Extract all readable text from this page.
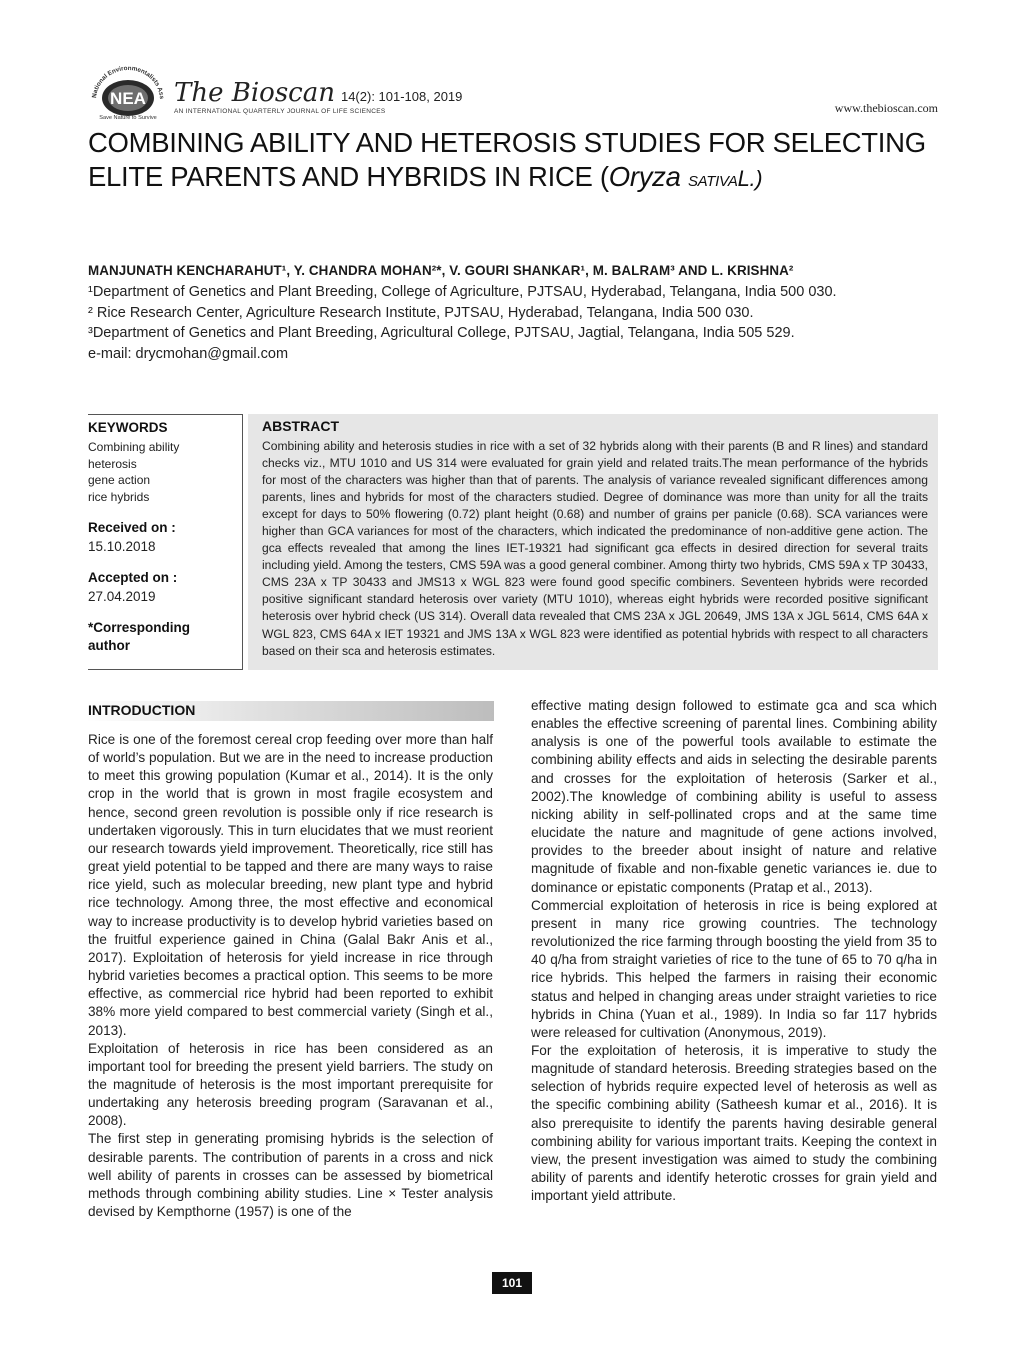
NEA
National Environmentalists Ass
Save Nature to Survive
The Bioscan 14(2): 101-108, 2019
AN INTERNATIONAL QUARTERLY JOURNAL OF LIFE SCIENCES	www.thebioscan.com
COMBINING ABILITY AND HETEROSIS STUDIES FOR SELECTING
ELITE PARENTS AND HYBRIDS IN RICE (Oryza sativaL.)
MANJUNATH KENCHARAHUT¹, Y. CHANDRA MOHAN²*, V. GOURI SHANKAR¹, M. BALRAM³ AND L. KRISHNA²
¹Department of Genetics and Plant Breeding, College of Agriculture, PJTSAU, Hyderabad, Telangana, India 500 030.
² Rice Research Center, Agriculture Research Institute, PJTSAU, Hyderabad, Telangana, India 500 030.
³Department of Genetics and Plant Breeding, Agricultural College, PJTSAU, Jagtial, Telangana, India 505 529.
e-mail: drycmohan@gmail.com
KEYWORDS
Combining ability
heterosis
gene action
rice hybrids
Received on :
15.10.2018
Accepted on :
27.04.2019
*Corresponding
author
ABSTRACT
Combining ability and heterosis studies in rice with a set of 32 hybrids along with their parents (B and R lines) and standard checks viz., MTU 1010 and US 314 were evaluated for grain yield and related traits.The mean performance of the hybrids for most of the characters was higher than that of parents. The analysis of variance revealed significant differences among parents, lines and hybrids for most of the characters studied. Degree of dominance was more than unity for all the traits except for days to 50% flowering (0.72) plant height (0.68) and number of grains per panicle (0.68). SCA variances were higher than GCA variances for most of the characters, which indicated the predominance of non-additive gene action. The gca effects revealed that among the lines IET-19321 had significant gca effects in desired direction for several traits including yield. Among the testers, CMS 59A was a good general combiner. Among thirty two hybrids, CMS 59A x TP 30433, CMS 23A x TP 30433 and JMS13 x WGL 823 were found good specific combiners. Seventeen hybrids were recorded positive significant standard heterosis over variety (MTU 1010), whereas eight hybrids were recorded positive significant heterosis over hybrid check (US 314). Overall data revealed that CMS 23A x JGL 20649, JMS 13A x JGL 5614, CMS 64A x WGL 823, CMS 64A x IET 19321 and JMS 13A x WGL 823 were identified as potential hybrids with respect to all characters based on their sca and heterosis estimates.
INTRODUCTION

Rice is one of the foremost cereal crop feeding over more than half of world’s population. But we are in the need to increase production to meet this growing population (Kumar et al., 2014). It is the only crop in the world that is grown in most fragile ecosystem and hence, second green revolution is possible only if rice research is undertaken vigorously. This in turn elucidates that we must reorient our research towards yield improvement. Theoretically, rice still has great yield potential to be tapped and there are many ways to raise rice yield, such as molecular breeding, new plant type and hybrid rice technology. Among three, the most effective and economical way to increase productivity is to develop hybrid varieties based on the fruitful experience gained in China (Galal Bakr Anis et al., 2017). Exploitation of heterosis for yield increase in rice through hybrid varieties becomes a practical option. This seems to be more effective, as commercial rice hybrid had been reported to exhibit 38% more yield compared to best commercial variety (Singh et al., 2013).

Exploitation of heterosis in rice has been considered as an important tool for breeding the present yield barriers. The study on the magnitude of heterosis is the most important prerequisite for undertaking any heterosis breeding program (Saravanan et al., 2008).

The first step in generating promising hybrids is the selection of desirable parents. The contribution of parents in a cross and nick well ability of parents in crosses can be assessed by biometrical methods through combining ability studies. Line × Tester analysis devised by Kempthorne (1957) is one of the

effective mating design followed to estimate gca and sca which enables the effective screening of parental lines. Combining ability analysis is one of the powerful tools available to estimate the combining ability effects and aids in selecting the desirable parents and crosses for the exploitation of heterosis (Sarker et al., 2002).The knowledge of combining ability is useful to assess nicking ability in self-pollinated crops and at the same time elucidate the nature and magnitude of gene actions involved, provides to the breeder about insight of nature and relative magnitude of fixable and non-fixable genetic variances ie. due to dominance or epistatic components (Pratap et al., 2013).

Commercial exploitation of heterosis in rice is being explored at present in many rice growing countries. The technology revolutionized the rice farming through boosting the yield from 35 to 40 q/ha from straight varieties of rice to the tune of 65 to 70 q/ha in rice hybrids. This helped the farmers in raising their economic status and helped in changing areas under straight varieties to rice hybrids in China (Yuan et al., 1989). In India so far 117 hybrids were released for cultivation (Anonymous, 2019).

For the exploitation of heterosis, it is imperative to study the magnitude of standard heterosis. Breeding strategies based on the selection of hybrids require expected level of heterosis as well as the specific combining ability (Satheesh kumar et al., 2016). It is also prerequisite to identify the parents having desirable general combining ability for various important traits. Keeping the context in view, the present investigation was aimed to study the combining ability of parents and identify heterotic crosses for grain yield and important yield attribute.

101
